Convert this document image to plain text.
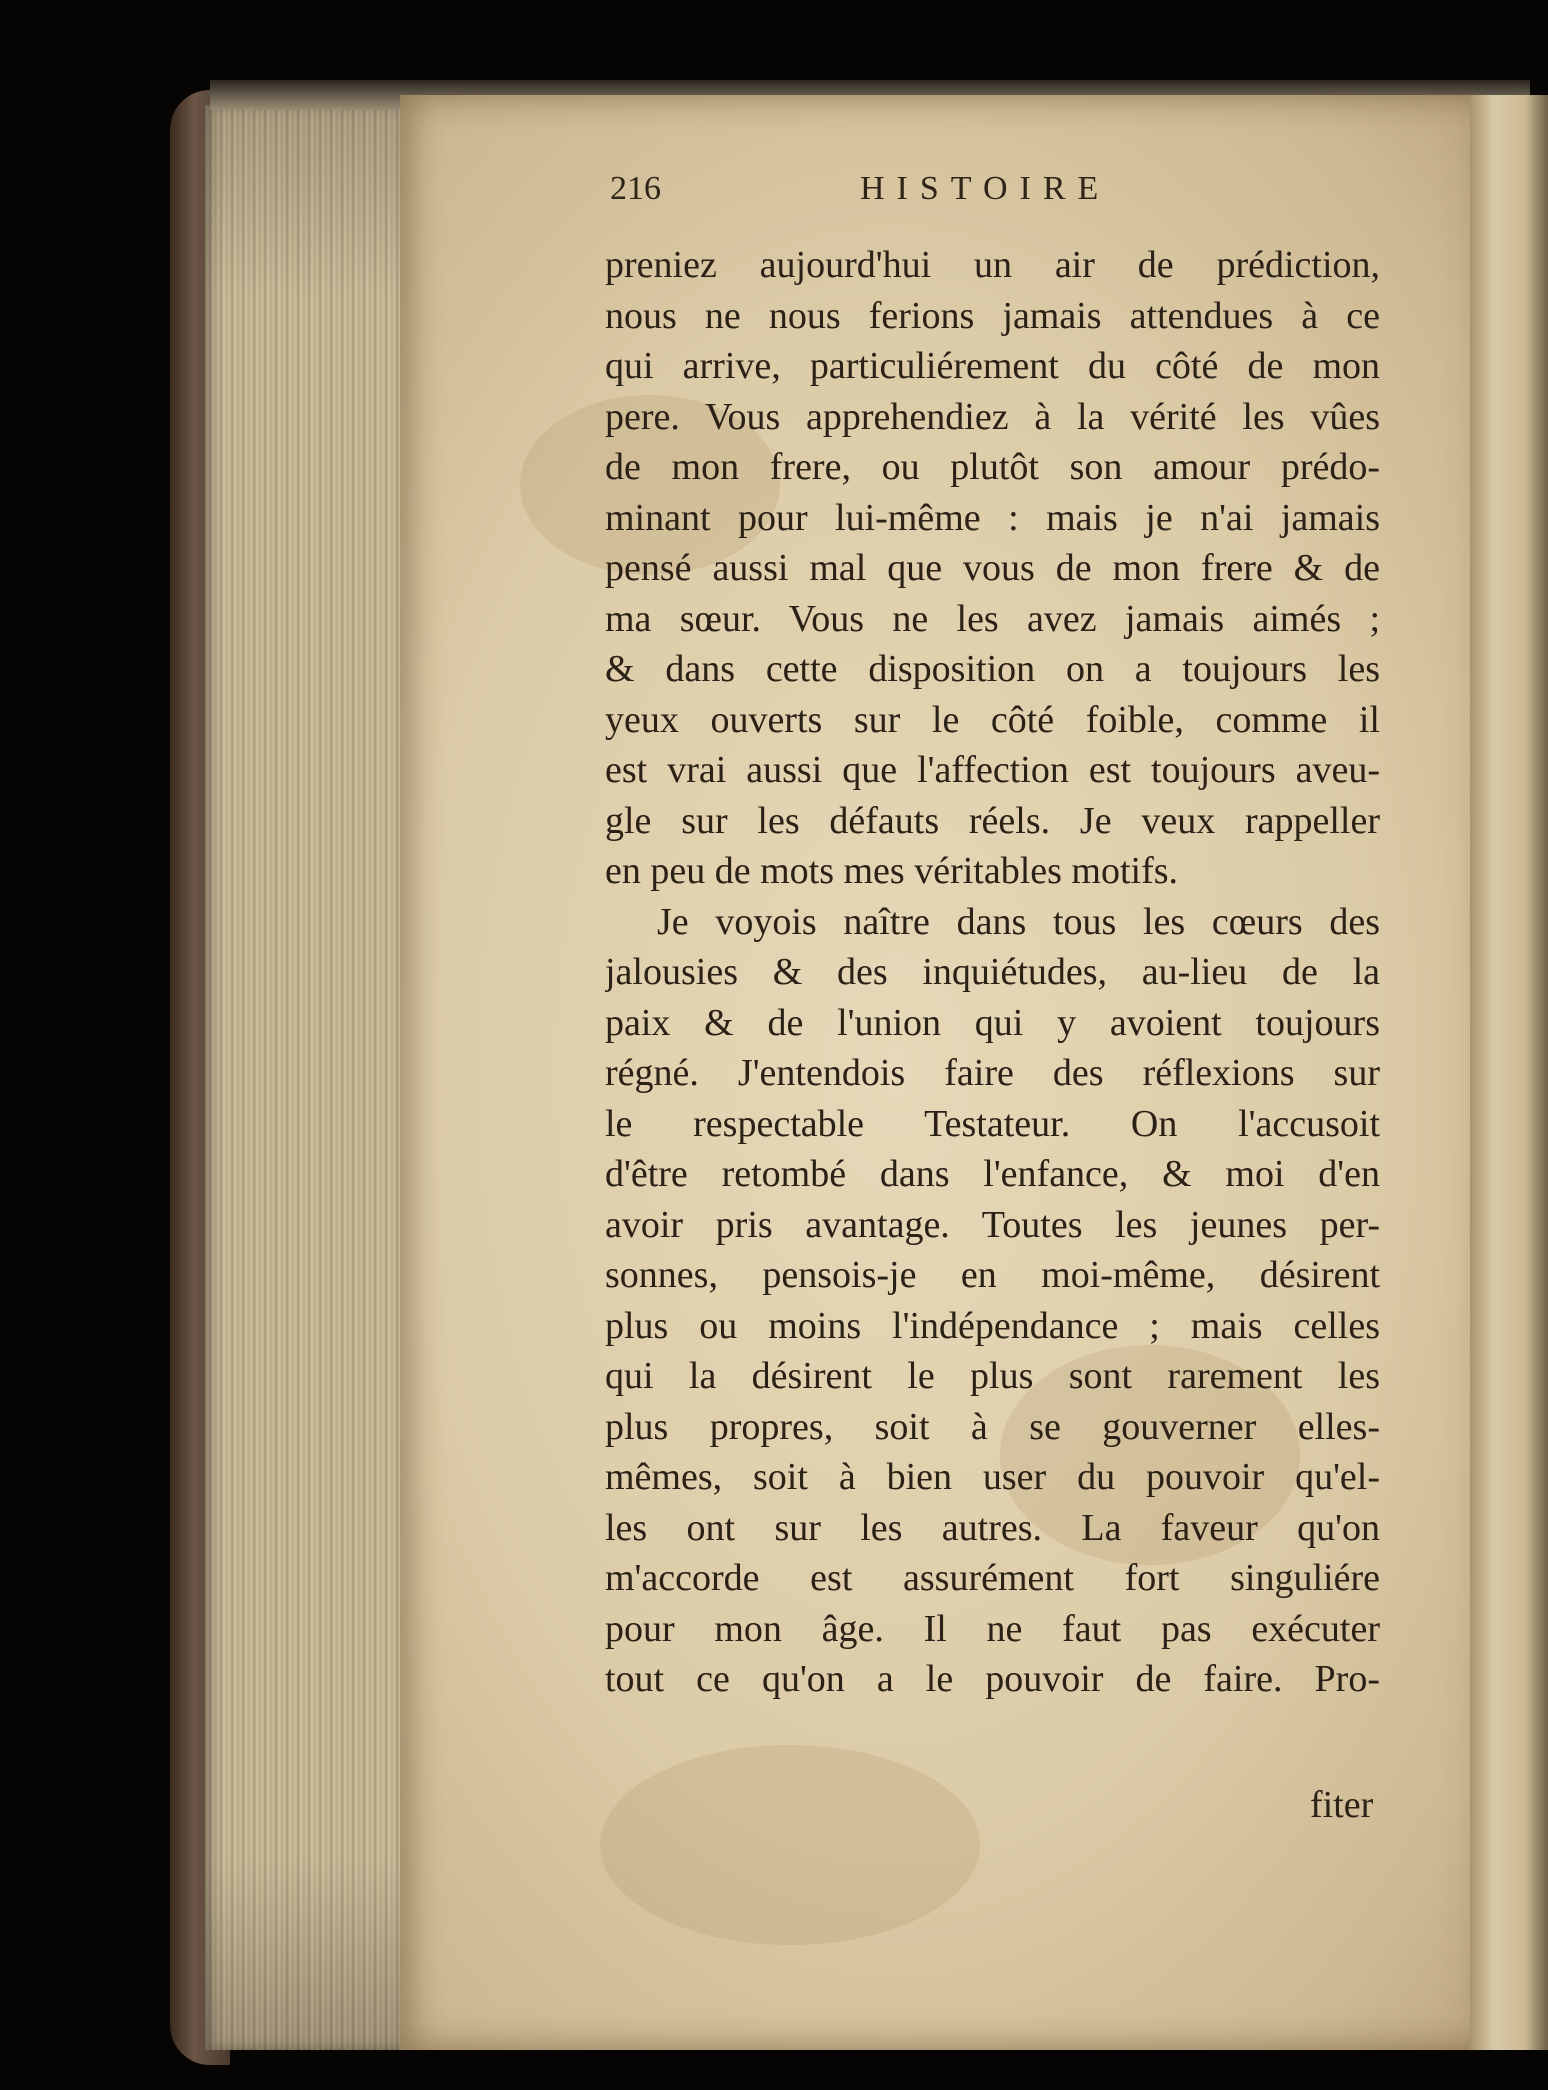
216	HISTOIRE
preniez aujourd'hui un air de prédiction,
nous ne nous ferions jamais attendues à ce
qui arrive, particuliérement du côté de mon
pere. Vous apprehendiez à la vérité les vûes
de mon frere, ou plutôt son amour prédo-
minant pour lui-même : mais je n'ai jamais
pensé aussi mal que vous de mon frere & de
ma sœur. Vous ne les avez jamais aimés ;
& dans cette disposition on a toujours les
yeux ouverts sur le côté foible, comme il
est vrai aussi que l'affection est toujours aveu-
gle sur les défauts réels. Je veux rappeller
en peu de mots mes véritables motifs.
Je voyois naître dans tous les cœurs des
jalousies & des inquiétudes, au-lieu de la
paix & de l'union qui y avoient toujours
régné. J'entendois faire des réflexions sur
le respectable Testateur. On l'accusoit
d'être retombé dans l'enfance, & moi d'en
avoir pris avantage. Toutes les jeunes per-
sonnes, pensois-je en moi-même, désirent
plus ou moins l'indépendance ; mais celles
qui la désirent le plus sont rarement les
plus propres, soit à se gouverner elles-
mêmes, soit à bien user du pouvoir qu'el-
les ont sur les autres. La faveur qu'on
m'accorde est assurément fort singuliére
pour mon âge. Il ne faut pas exécuter
tout ce qu'on a le pouvoir de faire. Pro-
fiter
